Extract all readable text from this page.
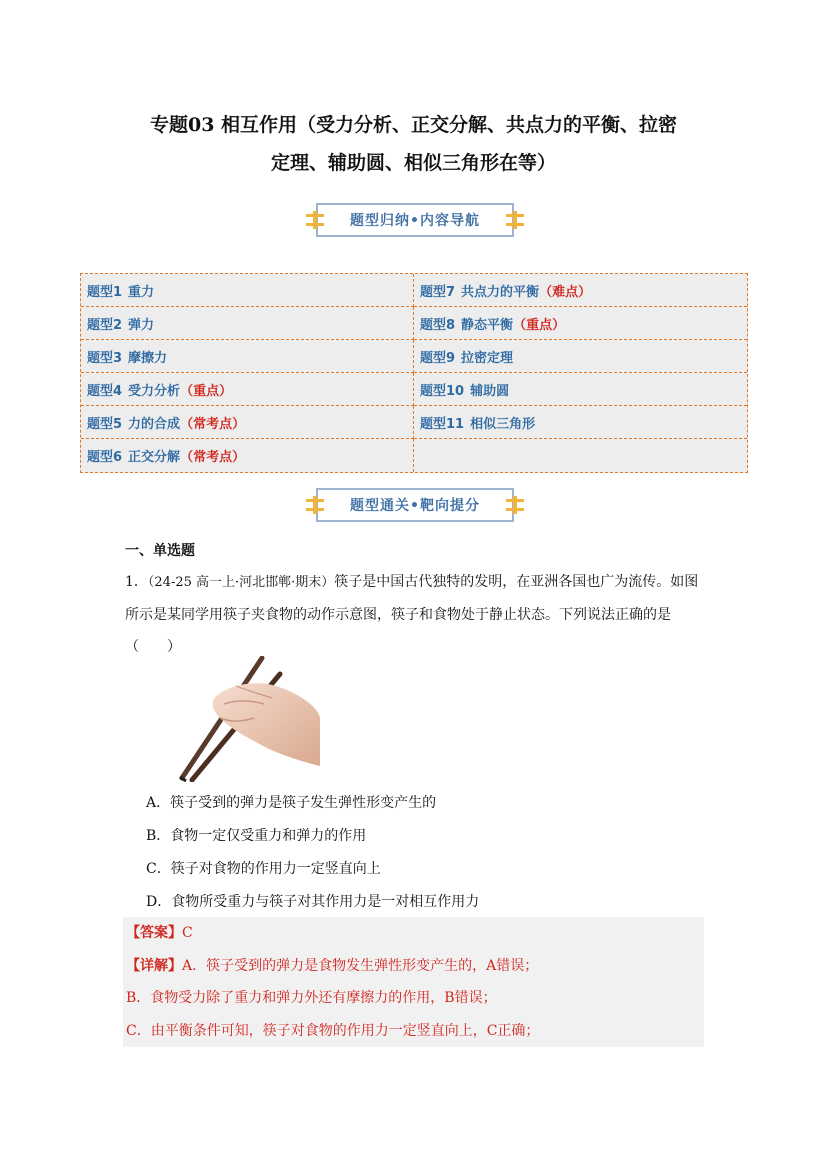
专题03 相互作用（受力分析、正交分解、共点力的平衡、拉密
定理、辅助圆、相似三角形在等）
题型归纳•内容导航
题型1 重力	题型7 共点力的平衡 （难点）
题型2 弹力	题型8 静态平衡 （重点）
题型3 摩擦力	题型9 拉密定理
题型4 受力分析 （重点）	题型10 辅助圆
题型5 力的合成 （常考点）	题型11 相似三角形
题型6 正交分解 （常考点）
题型通关•靶向提分
一、单选题
1．（24-25 高一上·河北邯郸·期末）筷子是中国古代独特的发明，在亚洲各国也广为流传。如图所示是某同学用筷子夹食物的动作示意图，筷子和食物处于静止状态。下列说法正确的是（　　）
A．筷子受到的弹力是筷子发生弹性形变产生的
B．食物一定仅受重力和弹力的作用
C．筷子对食物的作用力一定竖直向上
D．食物所受重力与筷子对其作用力是一对相互作用力
【答案】C
【详解】A．筷子受到的弹力是食物发生弹性形变产生的，A错误；
B．食物受力除了重力和弹力外还有摩擦力的作用，B错误；
C．由平衡条件可知，筷子对食物的作用力一定竖直向上，C正确；
